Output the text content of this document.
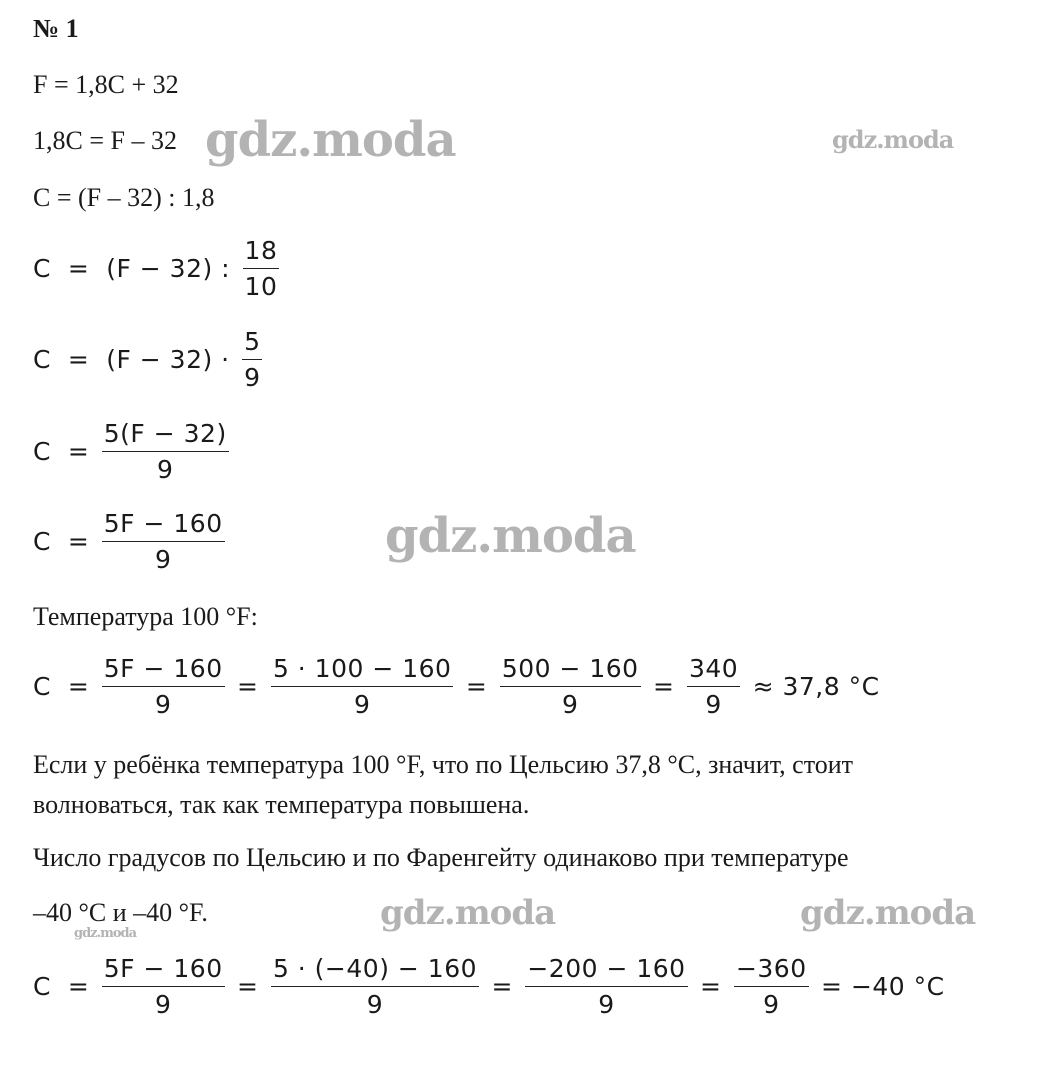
№ 1
F = 1,8C + 32
1,8C = F – 32
C = (F – 32) : 1,8
C  =  (F − 32) : $\frac{18}{10}$
$C = (F - 32) \cdot \frac{5}{9}$
$C = \frac{5(F - 32)}{9}$
$C = \frac{5F - 160}{9}$
Температура 100 °F:
$C = \frac{5F - 160}{9} = \frac{5 \cdot 100 - 160}{9} = \frac{500 - 160}{9} = \frac{340}{9} \approx 37,8$ °C
Если у ребёнка температура 100 °F, что по Цельсию 37,8 °C, значит, стоит
волноваться, так как температура повышена.
Число градусов по Цельсию и по Фаренгейту одинаково при температуре
–40 °C и –40 °F.
$C = \frac{5F - 160}{9} = \frac{5 \cdot (-40) - 160}{9} = \frac{-200 - 160}{9} = \frac{-360}{9} = -40$ °C
gdz.moda	gdz.moda
gdz.moda
gdz.moda	gdz.moda
gdz.moda
